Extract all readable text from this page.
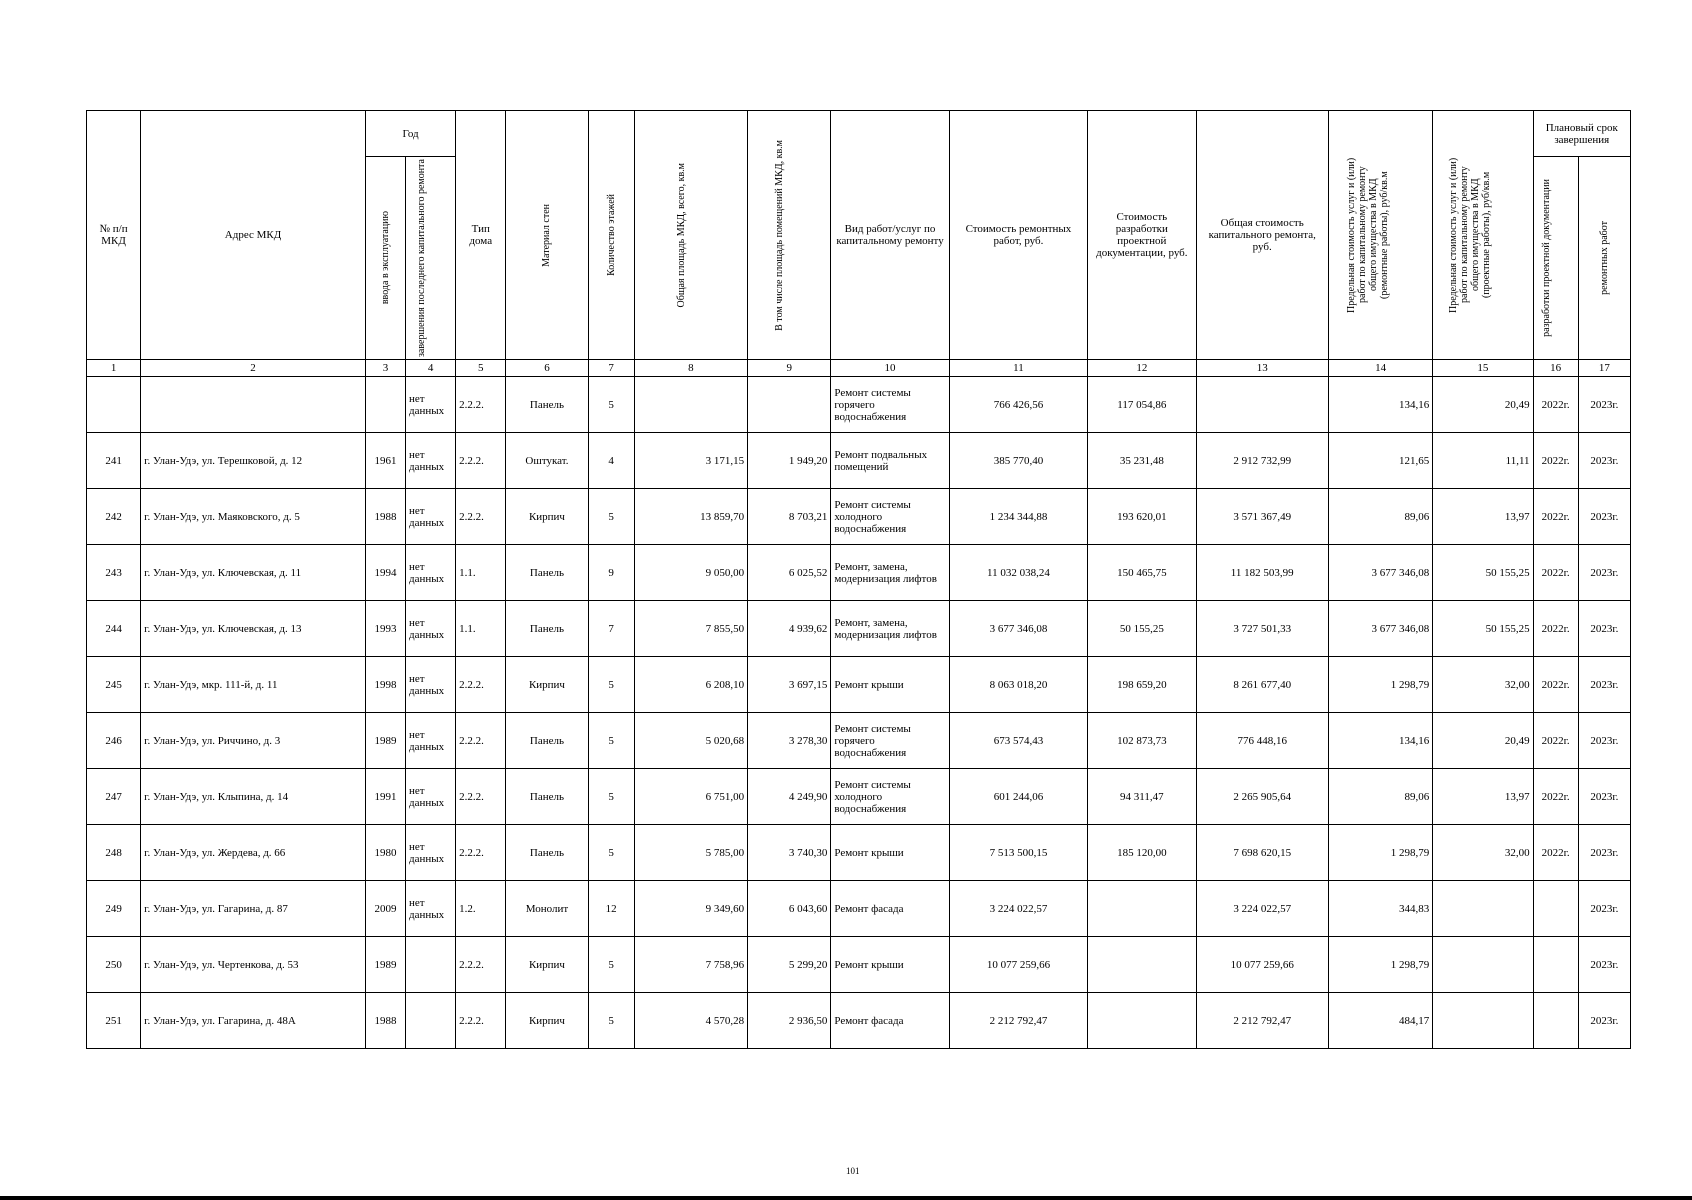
№ п/п МКД	Адрес МКД	Год		Тип дома	Материал стен	Количество этажей	Общая площадь МКД, всего, кв.м	В том числе площадь помещений МКД, кв.м	Вид работ/услуг по капитальному ремонту	Стоимость ремонтных работ, руб.	Стоимость разработки проектной документации, руб.	Общая стоимость капитального ремонта, руб.	Предельная стоимость услуг и (или) работ по капитальному ремонту общего имущества в МКД (ремонтные работы), руб/кв.м	Предельная стоимость услуг и (или) работ по капитальному ремонту общего имущества в МКД (проектные работы), руб/кв.м	Плановый срок завершения	

		ввода в эксплуатацию	завершения последнего капитального ремонта												разработки проектной документации	ремонтных работ

1	2	3	4	5	6	7	8	9	10	11	12	13	14	15	16	17
			нет данных	2.2.2.	Панель	5			Ремонт системы горячего водоснабжения	766 426,56	117 054,86		134,16	20,49	2022г.	2023г.
241	г. Улан-Удэ, ул. Терешковой, д. 12	1961	нет данных	2.2.2.	Оштукат.	4	3 171,15	1 949,20	Ремонт подвальных помещений	385 770,40	35 231,48	2 912 732,99	121,65	11,11	2022г.	2023г.
242	г. Улан-Удэ, ул. Маяковского, д. 5	1988	нет данных	2.2.2.	Кирпич	5	13 859,70	8 703,21	Ремонт системы холодного водоснабжения	1 234 344,88	193 620,01	3 571 367,49	89,06	13,97	2022г.	2023г.
243	г. Улан-Удэ, ул. Ключевская, д. 11	1994	нет данных	1.1.	Панель	9	9 050,00	6 025,52	Ремонт, замена, модернизация лифтов	11 032 038,24	150 465,75	11 182 503,99	3 677 346,08	50 155,25	2022г.	2023г.
244	г. Улан-Удэ, ул. Ключевская, д. 13	1993	нет данных	1.1.	Панель	7	7 855,50	4 939,62	Ремонт, замена, модернизация лифтов	3 677 346,08	50 155,25	3 727 501,33	3 677 346,08	50 155,25	2022г.	2023г.
245	г. Улан-Удэ, мкр. 111-й, д. 11	1998	нет данных	2.2.2.	Кирпич	5	6 208,10	3 697,15	Ремонт крыши	8 063 018,20	198 659,20	8 261 677,40	1 298,79	32,00	2022г.	2023г.
246	г. Улан-Удэ, ул. Риччино, д. 3	1989	нет данных	2.2.2.	Панель	5	5 020,68	3 278,30	Ремонт системы горячего водоснабжения	673 574,43	102 873,73	776 448,16	134,16	20,49	2022г.	2023г.
247	г. Улан-Удэ, ул. Клыпина, д. 14	1991	нет данных	2.2.2.	Панель	5	6 751,00	4 249,90	Ремонт системы холодного водоснабжения	601 244,06	94 311,47	2 265 905,64	89,06	13,97	2022г.	2023г.
248	г. Улан-Удэ, ул. Жердева, д. 66	1980	нет данных	2.2.2.	Панель	5	5 785,00	3 740,30	Ремонт крыши	7 513 500,15	185 120,00	7 698 620,15	1 298,79	32,00	2022г.	2023г.
249	г. Улан-Удэ, ул. Гагарина, д. 87	2009	нет данных	1.2.	Монолит	12	9 349,60	6 043,60	Ремонт фасада	3 224 022,57		3 224 022,57	344,83			2023г.
250	г. Улан-Удэ, ул. Чертенкова, д. 53	1989		2.2.2.	Кирпич	5	7 758,96	5 299,20	Ремонт крыши	10 077 259,66		10 077 259,66	1 298,79			2023г.
251	г. Улан-Удэ, ул. Гагарина, д. 48А	1988		2.2.2.	Кирпич	5	4 570,28	2 936,50	Ремонт фасада	2 212 792,47		2 212 792,47	484,17			2023г.
101
